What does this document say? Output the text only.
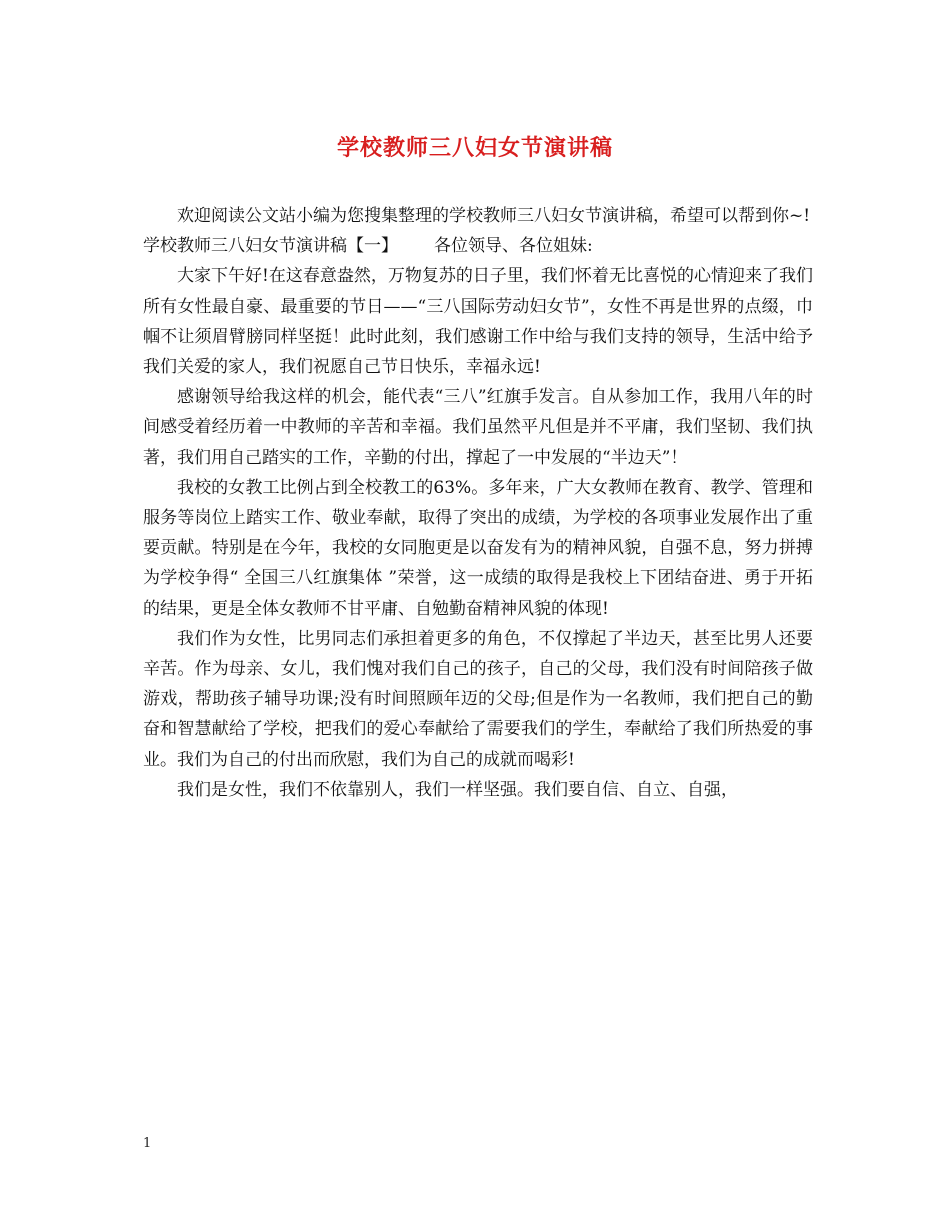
学校教师三八妇女节演讲稿

欢迎阅读公文站小编为您搜集整理的学校教师三八妇女节演讲稿，希望可以帮到你~!

学校教师三八妇女节演讲稿【一】 各位领导、各位姐妹:

大家下午好!在这春意盎然，万物复苏的日子里，我们怀着无比喜悦的心情迎来了我们所有女性最自豪、最重要的节日——“三八国际劳动妇女节”，女性不再是世界的点缀，巾帼不让须眉臂膀同样坚挺！此时此刻，我们感谢工作中给与我们支持的领导，生活中给予我们关爱的家人，我们祝愿自己节日快乐，幸福永远!

感谢领导给我这样的机会，能代表“三八”红旗手发言。自从参加工作，我用八年的时间感受着经历着一中教师的辛苦和幸福。我们虽然平凡但是并不平庸，我们坚韧、我们执著，我们用自己踏实的工作，辛勤的付出，撑起了一中发展的“半边天”！

我校的女教工比例占到全校教工的63%。多年来，广大女教师在教育、教学、管理和服务等岗位上踏实工作、敬业奉献，取得了突出的成绩，为学校的各项事业发展作出了重要贡献。特别是在今年，我校的女同胞更是以奋发有为的精神风貌，自强不息，努力拼搏为学校争得“ 全国三八红旗集体 ”荣誉，这一成绩的取得是我校上下团结奋进、勇于开拓的结果，更是全体女教师不甘平庸、自勉勤奋精神风貌的体现!

我们作为女性，比男同志们承担着更多的角色，不仅撑起了半边天，甚至比男人还要辛苦。作为母亲、女儿，我们愧对我们自己的孩子，自己的父母，我们没有时间陪孩子做游戏，帮助孩子辅导功课;没有时间照顾年迈的父母;但是作为一名教师，我们把自己的勤奋和智慧献给了学校，把我们的爱心奉献给了需要我们的学生，奉献给了我们所热爱的事业。我们为自己的付出而欣慰，我们为自己的成就而喝彩!

我们是女性，我们不依靠别人，我们一样坚强。我们要自信、自立、自强，

1
